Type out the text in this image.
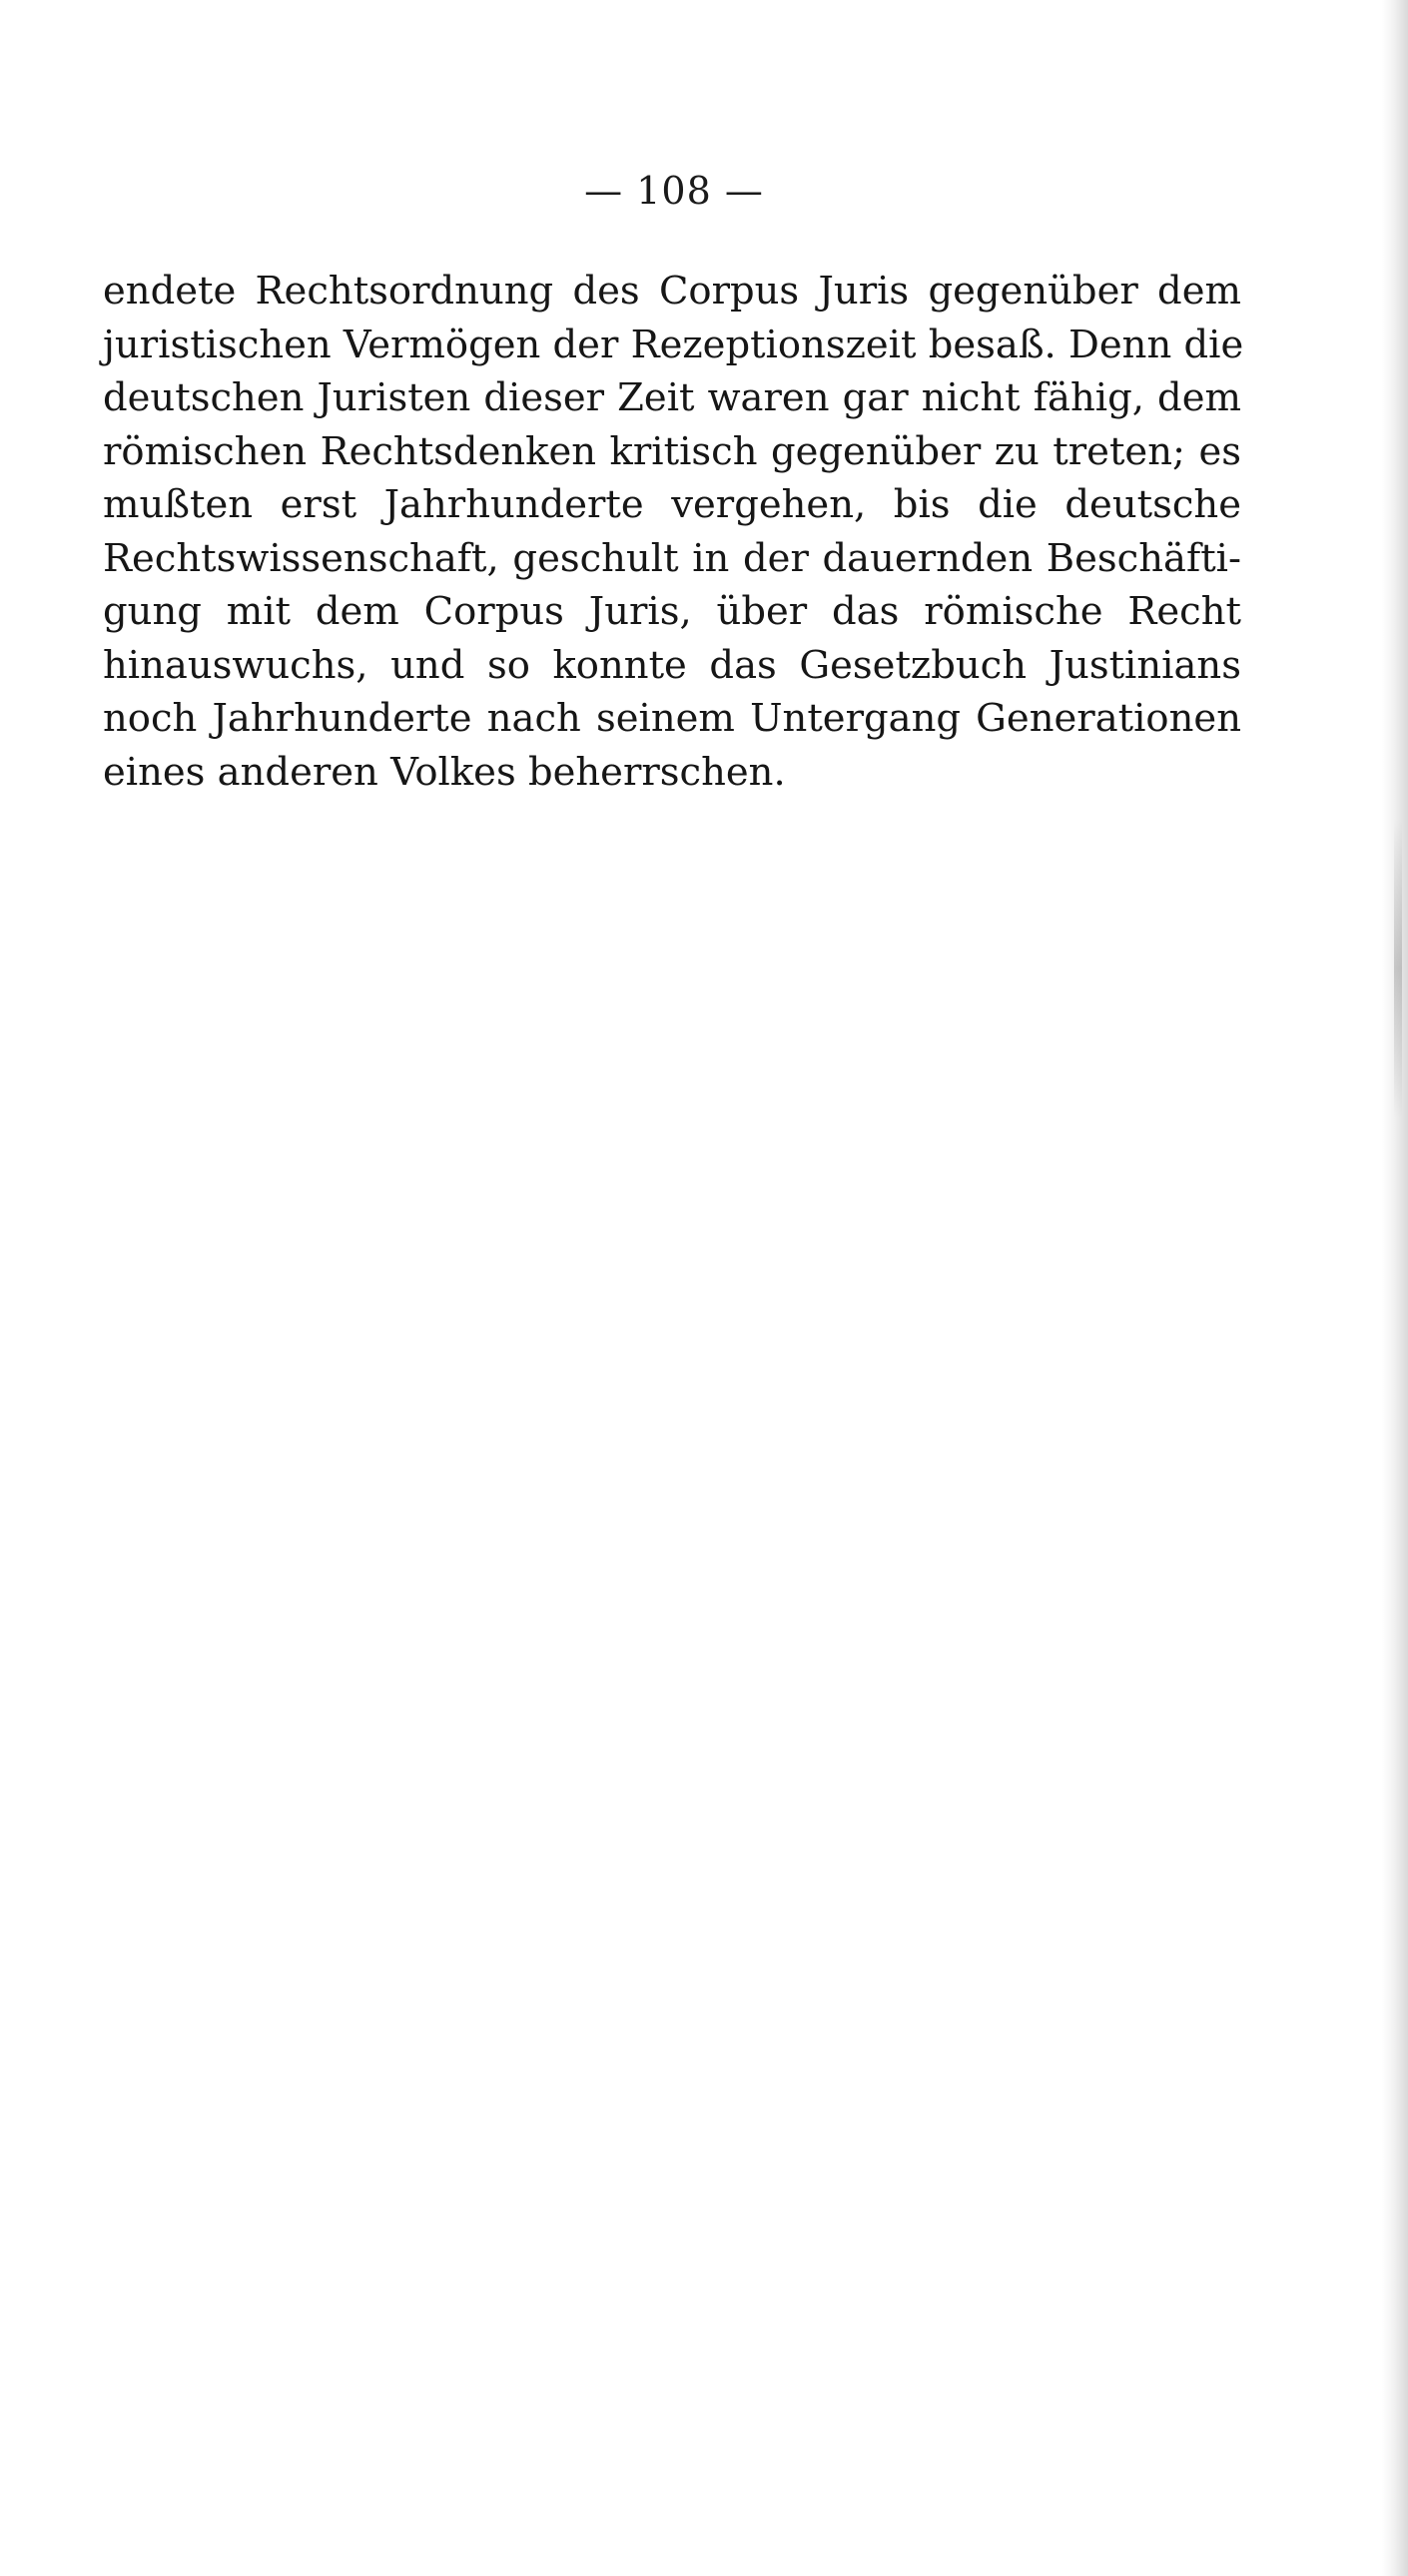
— 108 —
endete Rechtsordnung des Corpus Juris gegenüber dem
juristischen Vermögen der Rezeptionszeit besaß. Denn die
deutschen Juristen dieser Zeit waren gar nicht fähig, dem
römischen Rechtsdenken kritisch gegenüber zu treten; es
mußten erst Jahrhunderte vergehen, bis die deutsche
Rechtswissenschaft, geschult in der dauernden Beschäfti-
gung mit dem Corpus Juris, über das römische Recht
hinauswuchs, und so konnte das Gesetzbuch Justinians
noch Jahrhunderte nach seinem Untergang Generationen
eines anderen Volkes beherrschen.
